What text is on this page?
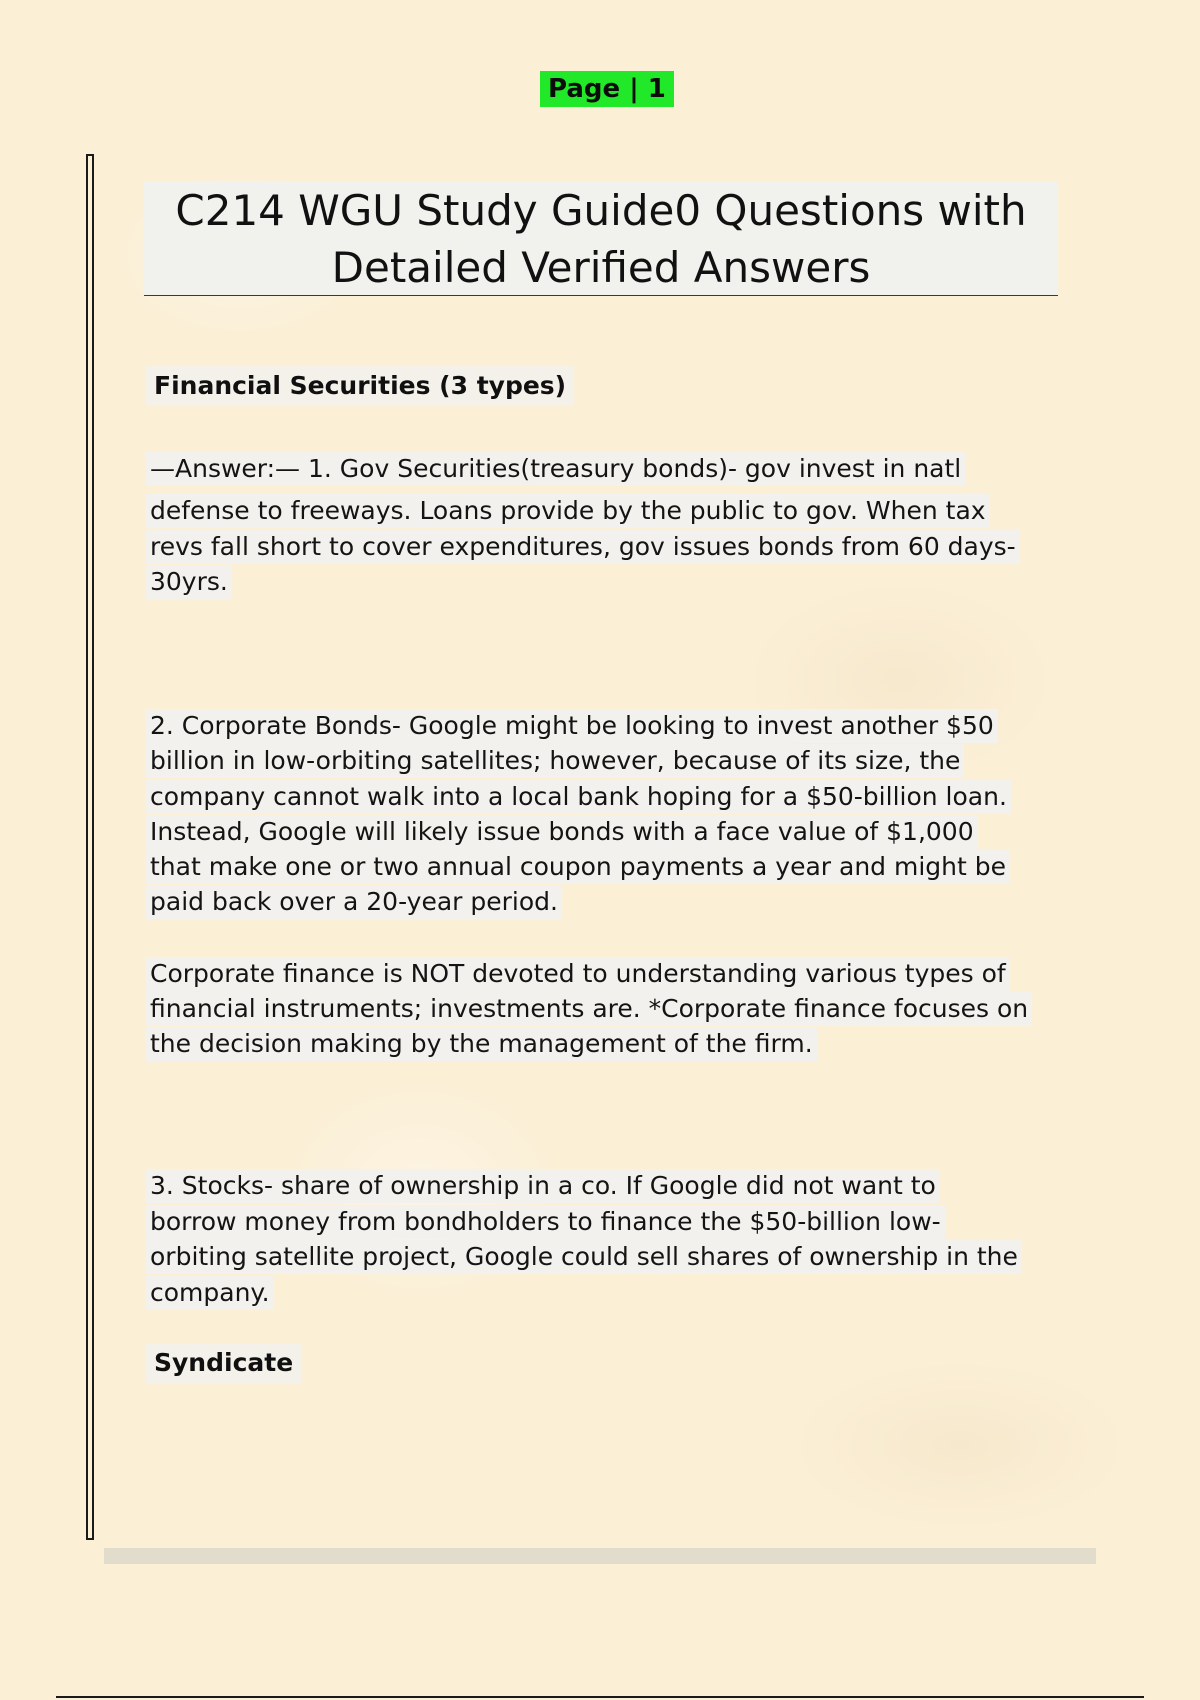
Page | 1
C214 WGU Study Guide0 Questions with
Detailed Verified Answers
Financial Securities (3 types)
—Answer:— 1. Gov Securities(treasury bonds)- gov invest in natl
defense to freeways. Loans provide by the public to gov. When tax
revs fall short to cover expenditures, gov issues bonds from 60 days-
30yrs.
2. Corporate Bonds- Google might be looking to invest another $50
billion in low-orbiting satellites; however, because of its size, the
company cannot walk into a local bank hoping for a $50-billion loan.
Instead, Google will likely issue bonds with a face value of $1,000
that make one or two annual coupon payments a year and might be
paid back over a 20-year period.
Corporate finance is NOT devoted to understanding various types of
financial instruments; investments are. *Corporate finance focuses on
the decision making by the management of the firm.
3. Stocks- share of ownership in a co. If Google did not want to
borrow money from bondholders to finance the $50-billion low-
orbiting satellite project, Google could sell shares of ownership in the
company.
Syndicate
